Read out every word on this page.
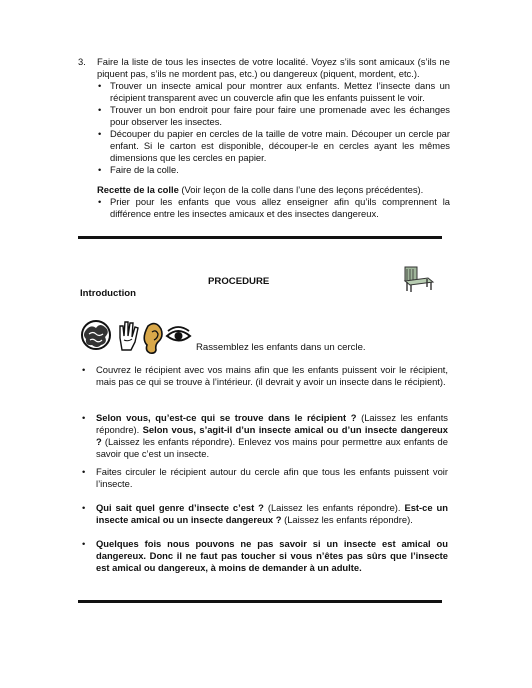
3. Faire la liste de tous les insectes de votre localité. Voyez s’ils sont amicaux (s’ils ne piquent pas, s’ils ne mordent pas, etc.) ou dangereux (piquent, mordent, etc.).
• Trouver un insecte amical pour montrer aux enfants. Mettez l’insecte dans un récipient transparent avec un couvercle afin que les enfants puissent le voir.
• Trouver un bon endroit pour faire pour faire une promenade avec les échanges pour observer les insectes.
• Découper du papier en cercles de la taille de votre main. Découper un cercle par enfant. Si le carton est disponible, découper-le en cercles ayant les mêmes dimensions que les cercles en papier.
• Faire de la colle.
Recette de la colle (Voir leçon de la colle dans l’une des leçons précédentes).
• Prier pour les enfants que vous allez enseigner afin qu’ils comprennent la différence entre les insectes amicaux et des insectes dangereux.
PROCEDURE
Introduction
Rassemblez les enfants dans un cercle.
• Couvrez le récipient avec vos mains afin que les enfants puissent voir le récipient, mais pas ce qui se trouve à l’intérieur. (il devrait y avoir un insecte dans le récipient).
• Selon vous, qu’est-ce qui se trouve dans le récipient ? (Laissez les enfants répondre). Selon vous, s’agit-il d’un insecte amical ou d’un insecte dangereux ? (Laissez les enfants répondre). Enlevez vos mains pour permettre aux enfants de savoir que c’est un insecte.
• Faites circuler le récipient autour du cercle afin que tous les enfants puissent voir l’insecte.
• Qui sait quel genre d’insecte c’est ? (Laissez les enfants répondre). Est-ce un insecte amical ou un insecte dangereux ? (Laissez les enfants répondre).
• Quelques fois nous pouvons ne pas savoir si un insecte est amical ou dangereux. Donc il ne faut pas toucher si vous n’êtes pas sûrs que l’insecte est amical ou dangereux, à moins de demander à un adulte.
